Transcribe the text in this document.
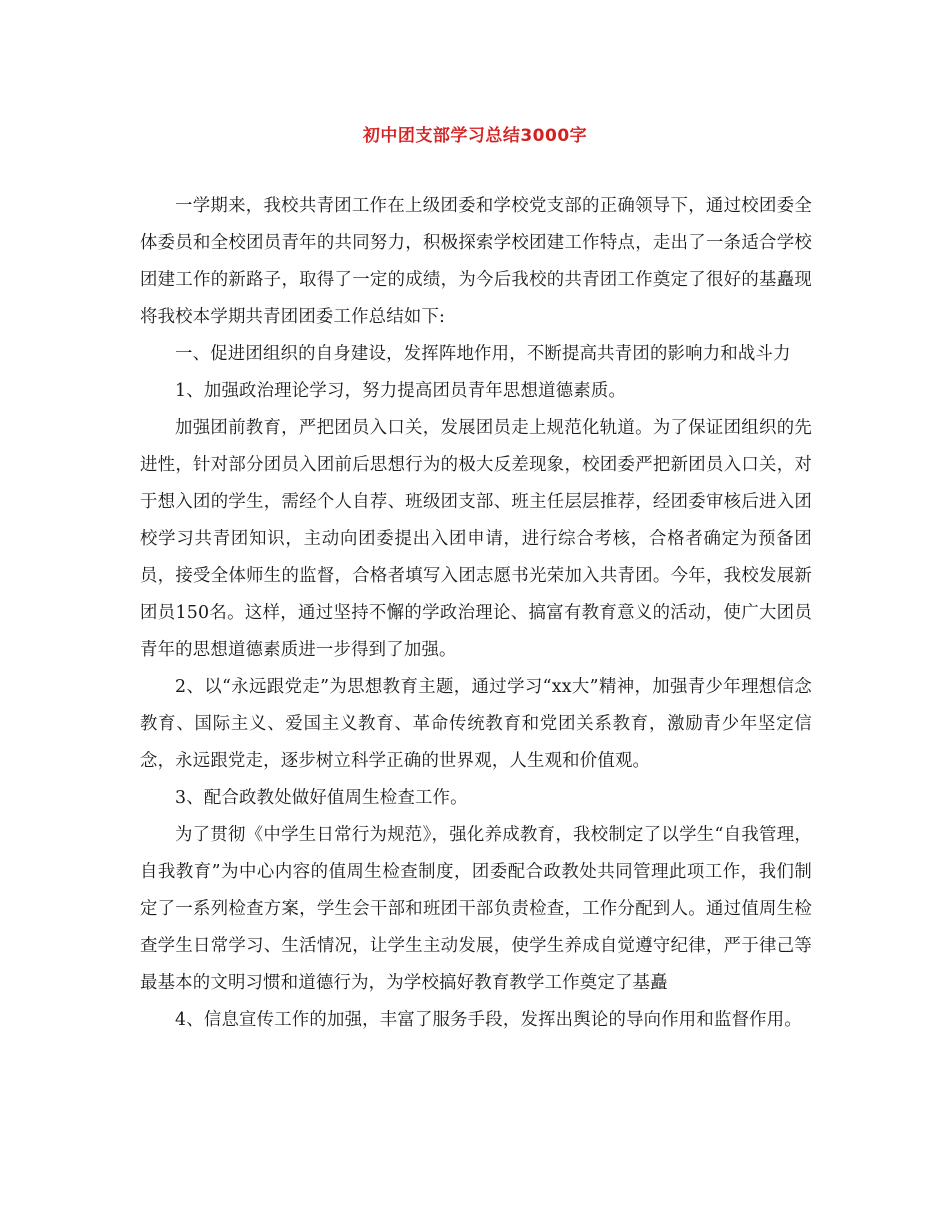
初中团支部学习总结3000字

一学期来，我校共青团工作在上级团委和学校党支部的正确领导下，通过校团委全体委员和全校团员青年的共同努力，积极探索学校团建工作特点，走出了一条适合学校团建工作的新路子，取得了一定的成绩，为今后我校的共青团工作奠定了很好的基矗现将我校本学期共青团团委工作总结如下:

一、促进团组织的自身建设，发挥阵地作用，不断提高共青团的影响力和战斗力

1、加强政治理论学习，努力提高团员青年思想道德素质。

加强团前教育，严把团员入口关，发展团员走上规范化轨道。为了保证团组织的先进性，针对部分团员入团前后思想行为的极大反差现象，校团委严把新团员入口关，对于想入团的学生，需经个人自荐、班级团支部、班主任层层推荐，经团委审核后进入团校学习共青团知识，主动向团委提出入团申请，进行综合考核，合格者确定为预备团员，接受全体师生的监督，合格者填写入团志愿书光荣加入共青团。今年，我校发展新团员150名。这样，通过坚持不懈的学政治理论、搞富有教育意义的活动，使广大团员青年的思想道德素质进一步得到了加强。

2、以“永远跟党走”为思想教育主题，通过学习“xx大”精神，加强青少年理想信念教育、国际主义、爱国主义教育、革命传统教育和党团关系教育，激励青少年坚定信念，永远跟党走，逐步树立科学正确的世界观，人生观和价值观。

3、配合政教处做好值周生检查工作。

为了贯彻《中学生日常行为规范》，强化养成教育，我校制定了以学生“自我管理，自我教育”为中心内容的值周生检查制度，团委配合政教处共同管理此项工作，我们制定了一系列检查方案，学生会干部和班团干部负责检查，工作分配到人。通过值周生检查学生日常学习、生活情况，让学生主动发展，使学生养成自觉遵守纪律，严于律己等最基本的文明习惯和道德行为，为学校搞好教育教学工作奠定了基矗

4、信息宣传工作的加强，丰富了服务手段，发挥出舆论的导向作用和监督作用。
